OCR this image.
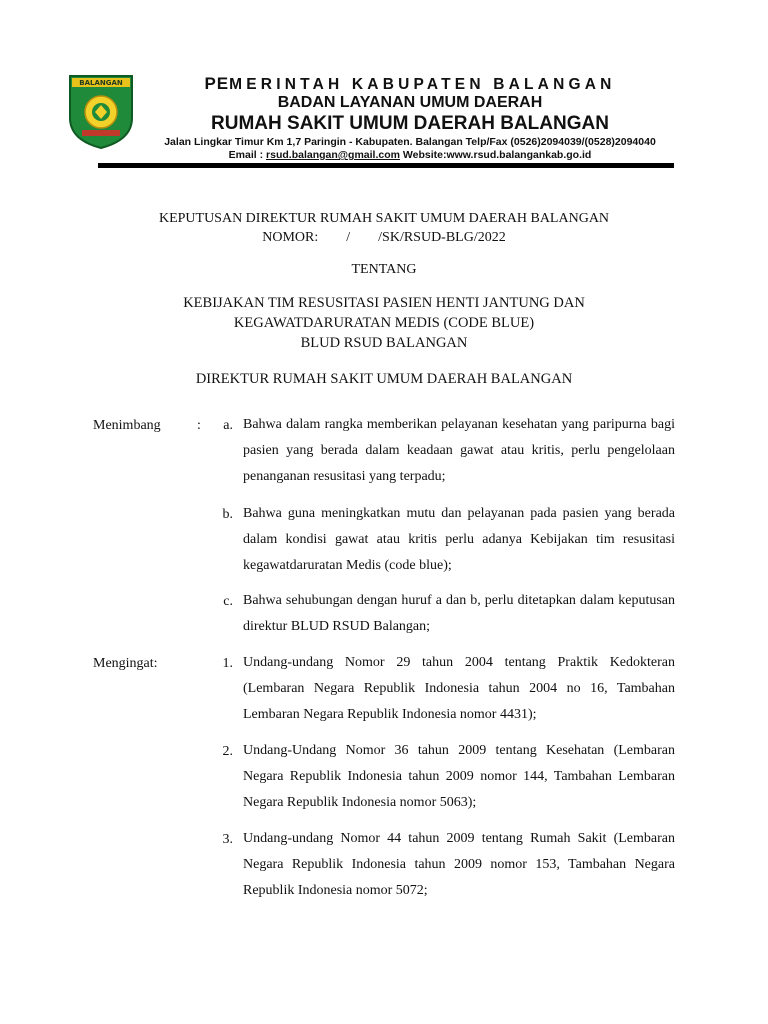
BALANGAN	PEMERINTAH KABUPATEN BALANGAN
BADAN LAYANAN UMUM DAERAH
RUMAH SAKIT UMUM DAERAH BALANGAN
Jalan Lingkar Timur Km 1,7 Paringin - Kabupaten. Balangan Telp/Fax (0526)2094039/(0528)2094040
Email : rsud.balangan@gmail.com Website:www.rsud.balangankab.go.id
KEPUTUSAN DIREKTUR RUMAH SAKIT UMUM DAERAH BALANGAN
NOMOR:        /        /SK/RSUD-BLG/2022
TENTANG
KEBIJAKAN TIM RESUSITASI PASIEN HENTI JANTUNG DAN
KEGAWATDARURATAN MEDIS (CODE BLUE)
BLUD RSUD BALANGAN
DIREKTUR RUMAH SAKIT UMUM DAERAH BALANGAN
Menimbang	:	a. Bahwa dalam rangka memberikan pelayanan kesehatan yang paripurna bagi pasien yang berada dalam keadaan gawat atau kritis, perlu pengelolaan penanganan resusitasi yang terpadu;
b. Bahwa guna meningkatkan mutu dan pelayanan pada pasien yang berada dalam kondisi gawat atau kritis perlu adanya Kebijakan tim resusitasi kegawatdaruratan Medis (code blue);
c. Bahwa sehubungan dengan huruf a dan b, perlu ditetapkan dalam keputusan direktur BLUD RSUD Balangan;
Mengingat:	1. Undang-undang Nomor 29 tahun 2004 tentang Praktik Kedokteran (Lembaran Negara Republik Indonesia tahun 2004 no 16, Tambahan Lembaran Negara Republik Indonesia nomor 4431);
2. Undang-Undang Nomor 36 tahun 2009 tentang Kesehatan (Lembaran Negara Republik Indonesia tahun 2009 nomor 144, Tambahan Lembaran Negara Republik Indonesia nomor 5063);
3. Undang-undang Nomor 44 tahun 2009 tentang Rumah Sakit (Lembaran Negara Republik Indonesia tahun 2009 nomor 153, Tambahan Negara Republik Indonesia nomor 5072;
